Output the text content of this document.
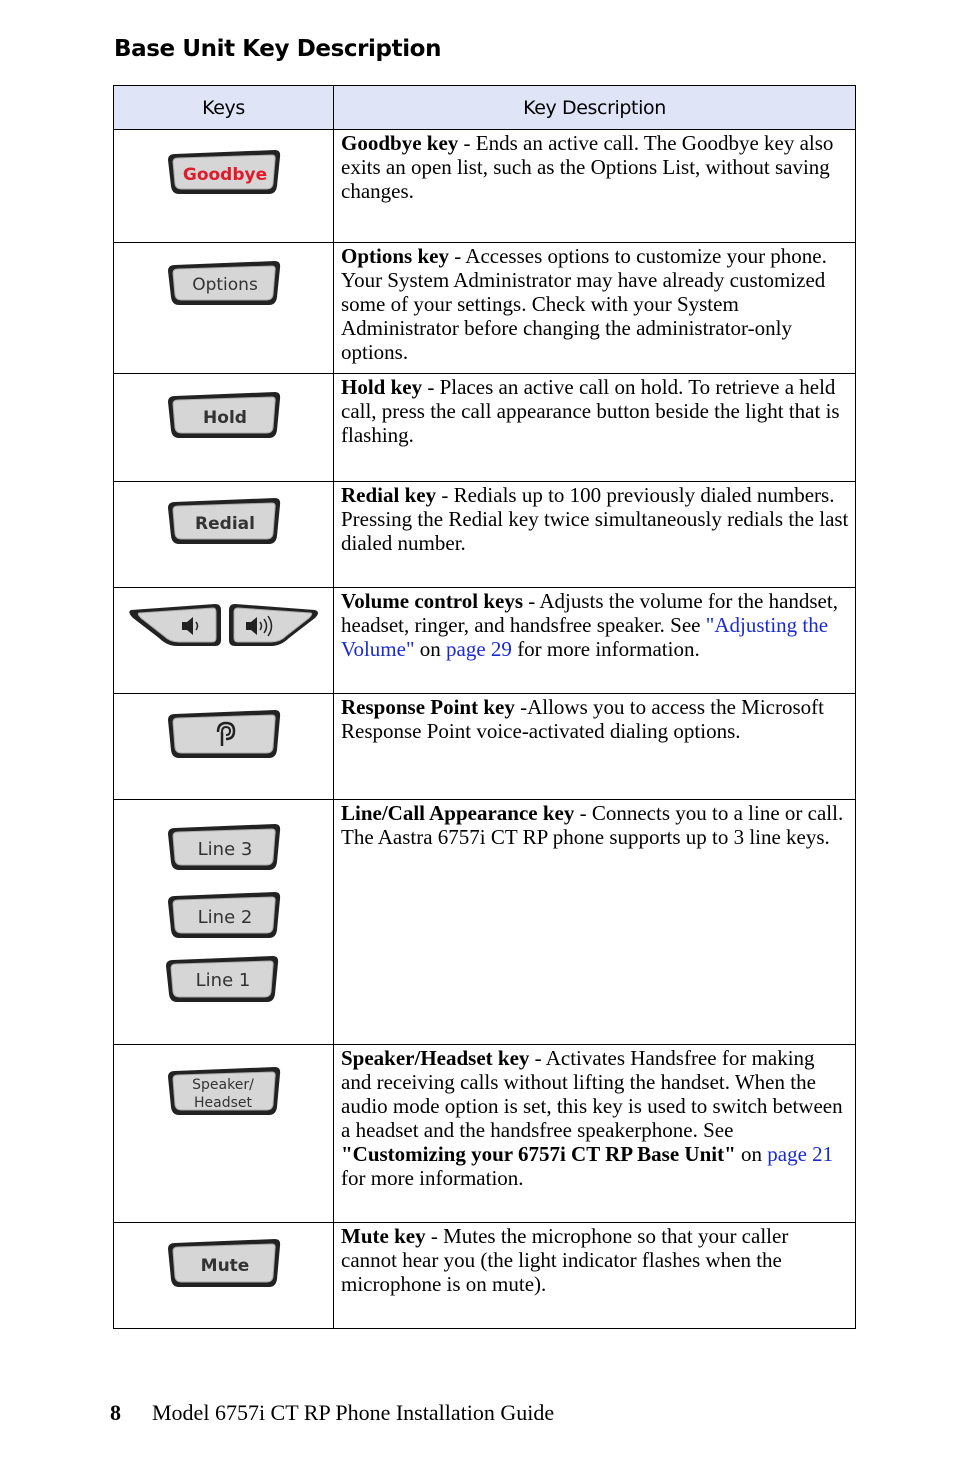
Base Unit Key Description
Keys	Key Description

Goodbye	Goodbye key - Ends an active call. The Goodbye key also exits an open list, such as the Options List, without saving changes.

Options	Options key - Accesses options to customize your phone. Your System Administrator may have already customized some of your settings. Check with your System Administrator before changing the administrator-only options.

Hold	Hold key - Places an active call on hold. To retrieve a held call, press the call appearance button beside the light that is flashing.

Redial	Redial key - Redials up to 100 previously dialed numbers. Pressing the Redial key twice simultaneously redials the last dialed number.

	Volume control keys - Adjusts the volume for the handset, headset, ringer, and handsfree speaker. See "Adjusting the Volume" on page 29 for more information.

	Response Point key -Allows you to access the Microsoft Response Point voice-activated dialing options.

Line 3
Line 2
Line 1	Line/Call Appearance key - Connects you to a line or call. The Aastra 6757i CT RP phone supports up to 3 line keys.

Speaker/
Headset	Speaker/Headset key - Activates Handsfree for making and receiving calls without lifting the handset. When the audio mode option is set, this key is used to switch between a headset and the handsfree speakerphone. See "Customizing your 6757i CT RP Base Unit" on page 21 for more information.

Mute	Mute key - Mutes the microphone so that your caller cannot hear you (the light indicator flashes when the microphone is on mute).
8	Model 6757i CT RP Phone Installation Guide
